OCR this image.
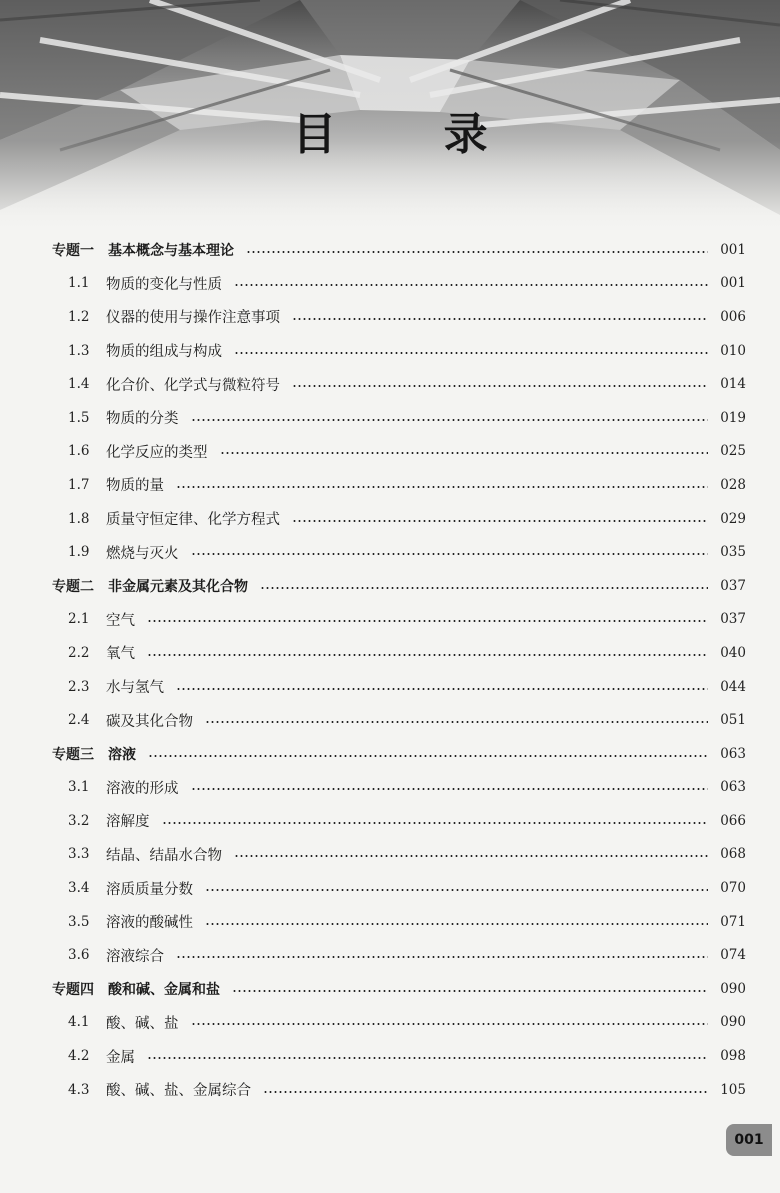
目 录
专题一 基本概念与基本理论	001
1.1	物质的变化与性质	001
1.2	仪器的使用与操作注意事项	006
1.3	物质的组成与构成	010
1.4	化合价、化学式与微粒符号	014
1.5	物质的分类	019
1.6	化学反应的类型	025
1.7	物质的量	028
1.8	质量守恒定律、化学方程式	029
1.9	燃烧与灭火	035
专题二 非金属元素及其化合物	037
2.1	空气	037
2.2	氧气	040
2.3	水与氢气	044
2.4	碳及其化合物	051
专题三 溶液	063
3.1	溶液的形成	063
3.2	溶解度	066
3.3	结晶、结晶水合物	068
3.4	溶质质量分数	070
3.5	溶液的酸碱性	071
3.6	溶液综合	074
专题四 酸和碱、金属和盐	090
4.1	酸、碱、盐	090
4.2	金属	098
4.3	酸、碱、盐、金属综合	105
001
